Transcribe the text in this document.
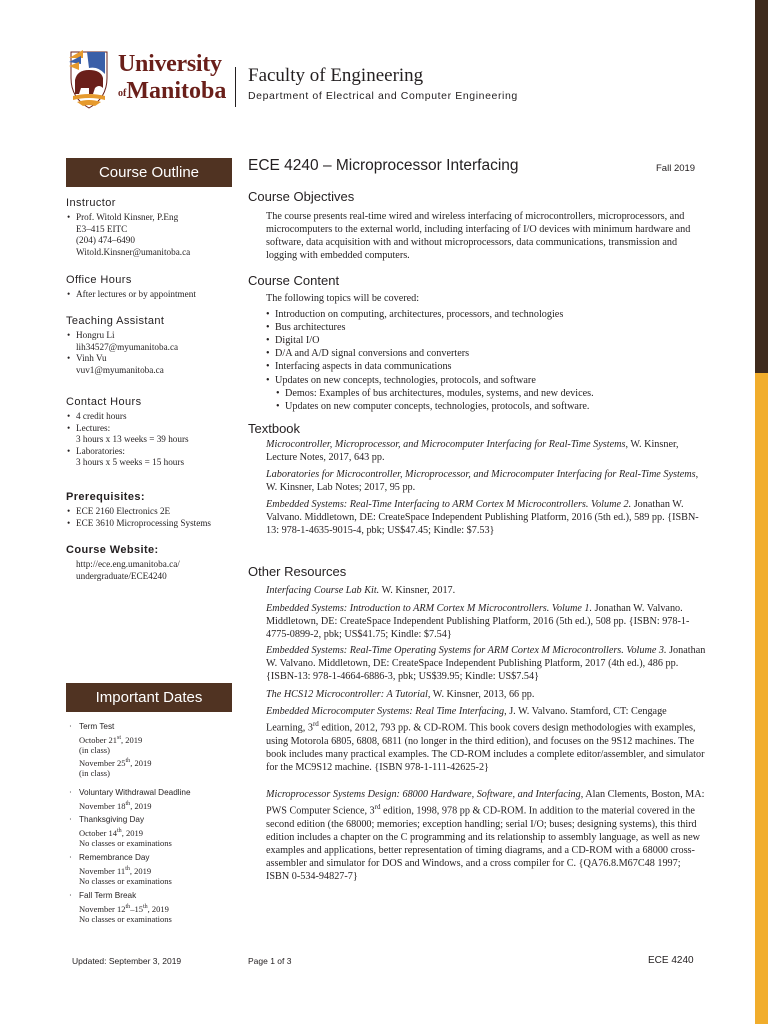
University
ofManitoba
Faculty of Engineering
Department of Electrical and Computer Engineering
Course Outline
Instructor
• Prof. Witold Kinsner, P.Eng
E3–415 EITC
(204) 474–6490
Witold.Kinsner@umanitoba.ca
Office Hours
• After lectures or by appointment
Teaching Assistant
• Hongru Li
lih34527@myumanitoba.ca
• Vinh Vu
vuv1@myumanitoba.ca
Contact Hours
• 4 credit hours
• Lectures:
3 hours x 13 weeks = 39 hours
• Laboratories:
3 hours x 5 weeks = 15 hours
Prerequisites:
• ECE 2160 Electronics 2E
• ECE 3610 Microprocessing Systems
Course Website:
http://ece.eng.umanitoba.ca/
undergraduate/ECE4240
Important Dates
· Term Test
October 21st, 2019
(in class)
November 25th, 2019
(in class)
· Voluntary Withdrawal Deadline
November 18th, 2019
· Thanksgiving Day
October 14th, 2019
No classes or examinations
· Remembrance Day
November 11th, 2019
No classes or examinations
· Fall Term Break
November 12th–15th, 2019
No classes or examinations
ECE 4240 – Microprocessor Interfacing	Fall 2019
Course Objectives
The course presents real-time wired and wireless interfacing of microcontrollers, microprocessors, and microcomputers to the external world, including interfacing of I/O devices with minimum hardware and software, data acquisition with and without microprocessors, data communications, transmission and logging with embedded computers.
Course Content
The following topics will be covered:
• Introduction on computing, architectures, processors, and technologies
• Bus architectures
• Digital I/O
• D/A and A/D signal conversions and converters
• Interfacing aspects in data communications
• Updates on new concepts, technologies, protocols, and software
• Demos: Examples of bus architectures, modules, systems, and new devices.
• Updates on new computer concepts, technologies, protocols, and software.
Textbook
Microcontroller, Microprocessor, and Microcomputer Interfacing for Real-Time Systems, W. Kinsner, Lecture Notes, 2017, 643 pp.
Laboratories for Microcontroller, Microprocessor, and Microcomputer Interfacing for Real-Time Systems, W. Kinsner, Lab Notes; 2017, 95 pp.
Embedded Systems: Real-Time Interfacing to ARM Cortex M Microcontrollers. Volume 2. Jonathan W. Valvano. Middletown, DE: CreateSpace Independent Publishing Platform, 2016 (5th ed.), 589 pp. {ISBN-13: 978-1-4635-9015-4, pbk; US$47.45; Kindle: $7.53}
Other Resources
Interfacing Course Lab Kit. W. Kinsner, 2017.
Embedded Systems: Introduction to ARM Cortex M Microcontrollers. Volume 1. Jonathan W. Valvano. Middletown, DE: CreateSpace Independent Publishing Platform, 2016 (5th ed.), 508 pp. {ISBN: 978-1-4775-0899-2, pbk; US$41.75; Kindle: $7.54}
Embedded Systems: Real-Time Operating Systems for ARM Cortex M Microcontrollers. Volume 3. Jonathan W. Valvano. Middletown, DE: CreateSpace Independent Publishing Platform, 2017 (4th ed.), 486 pp. {ISBN-13: 978-1-4664-6886-3, pbk; US$39.95; Kindle: US$7.54}
The HCS12 Microcontroller: A Tutorial, W. Kinsner, 2013, 66 pp.
Embedded Microcomputer Systems: Real Time Interfacing, J. W. Valvano. Stamford, CT: Cengage Learning, 3rd edition, 2012, 793 pp. & CD-ROM. This book covers design methodologies with examples, using Motorola 6805, 6808, 6811 (no longer in the third edition), and focuses on the 9S12 machines. The book includes many practical examples. The CD-ROM includes a complete editor/assembler, and simulator for the MC9S12 machine. {ISBN 978-1-111-42625-2}
Microprocessor Systems Design: 68000 Hardware, Software, and Interfacing, Alan Clements, Boston, MA: PWS Computer Science, 3rd edition, 1998, 978 pp & CD-ROM. In addition to the material covered in the second edition (the 68000; memories; exception handling; serial I/O; buses; designing systems), this third edition includes a chapter on the C programming and its relationship to assembly language, as well as new examples and applications, better representation of timing diagrams, and a CD-ROM with a 68000 cross-assembler and simulator for DOS and Windows, and a cross compiler for C. {QA76.8.M67C48 1997; ISBN 0-534-94827-7}
Updated: September 3, 2019	Page 1 of 3	ECE 4240
